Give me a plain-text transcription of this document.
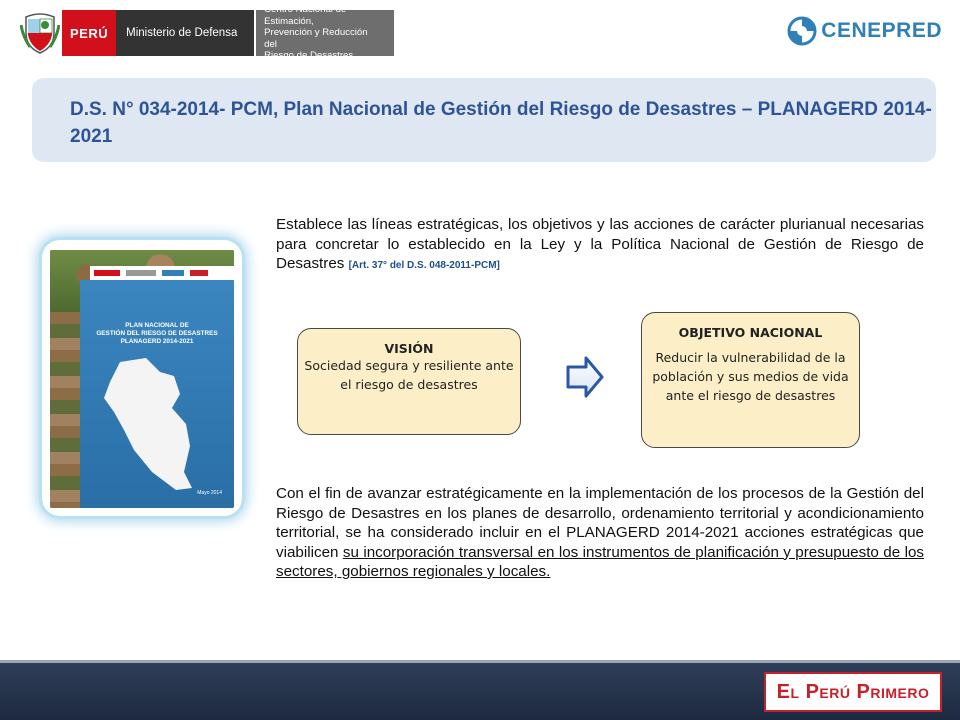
PERÚ	Ministerio de Defensa
Centro Nacional de Estimación,
Prevención y Reducción del
Riesgo de Desastres
CENEPRED
D.S. N° 034-2014- PCM, Plan Nacional de Gestión del Riesgo de Desastres – PLANAGERD 2014-2021
PLAN NACIONAL DE
GESTIÓN DEL RIESGO DE DESASTRES
PLANAGERD 2014-2021
Mayo 2014
Establece las líneas estratégicas, los objetivos y las acciones de carácter plurianual necesarias para concretar lo establecido en la Ley y la Política Nacional de Gestión de Riesgo de Desastres [Art. 37° del D.S. 048-2011-PCM]
VISIÓN
Sociedad segura y resiliente ante el riesgo de desastres
OBJETIVO NACIONAL
Reducir la vulnerabilidad de la población y sus medios de vida ante el riesgo de desastres
Con el fin de avanzar estratégicamente en la implementación de los procesos de la Gestión del Riesgo de Desastres en los planes de desarrollo, ordenamiento territorial y acondicionamiento territorial, se ha considerado incluir en el PLANAGERD 2014-2021 acciones estratégicas que viabilicen su incorporación transversal en los instrumentos de planificación y presupuesto de los sectores, gobiernos regionales y locales.
El Perú Primero
